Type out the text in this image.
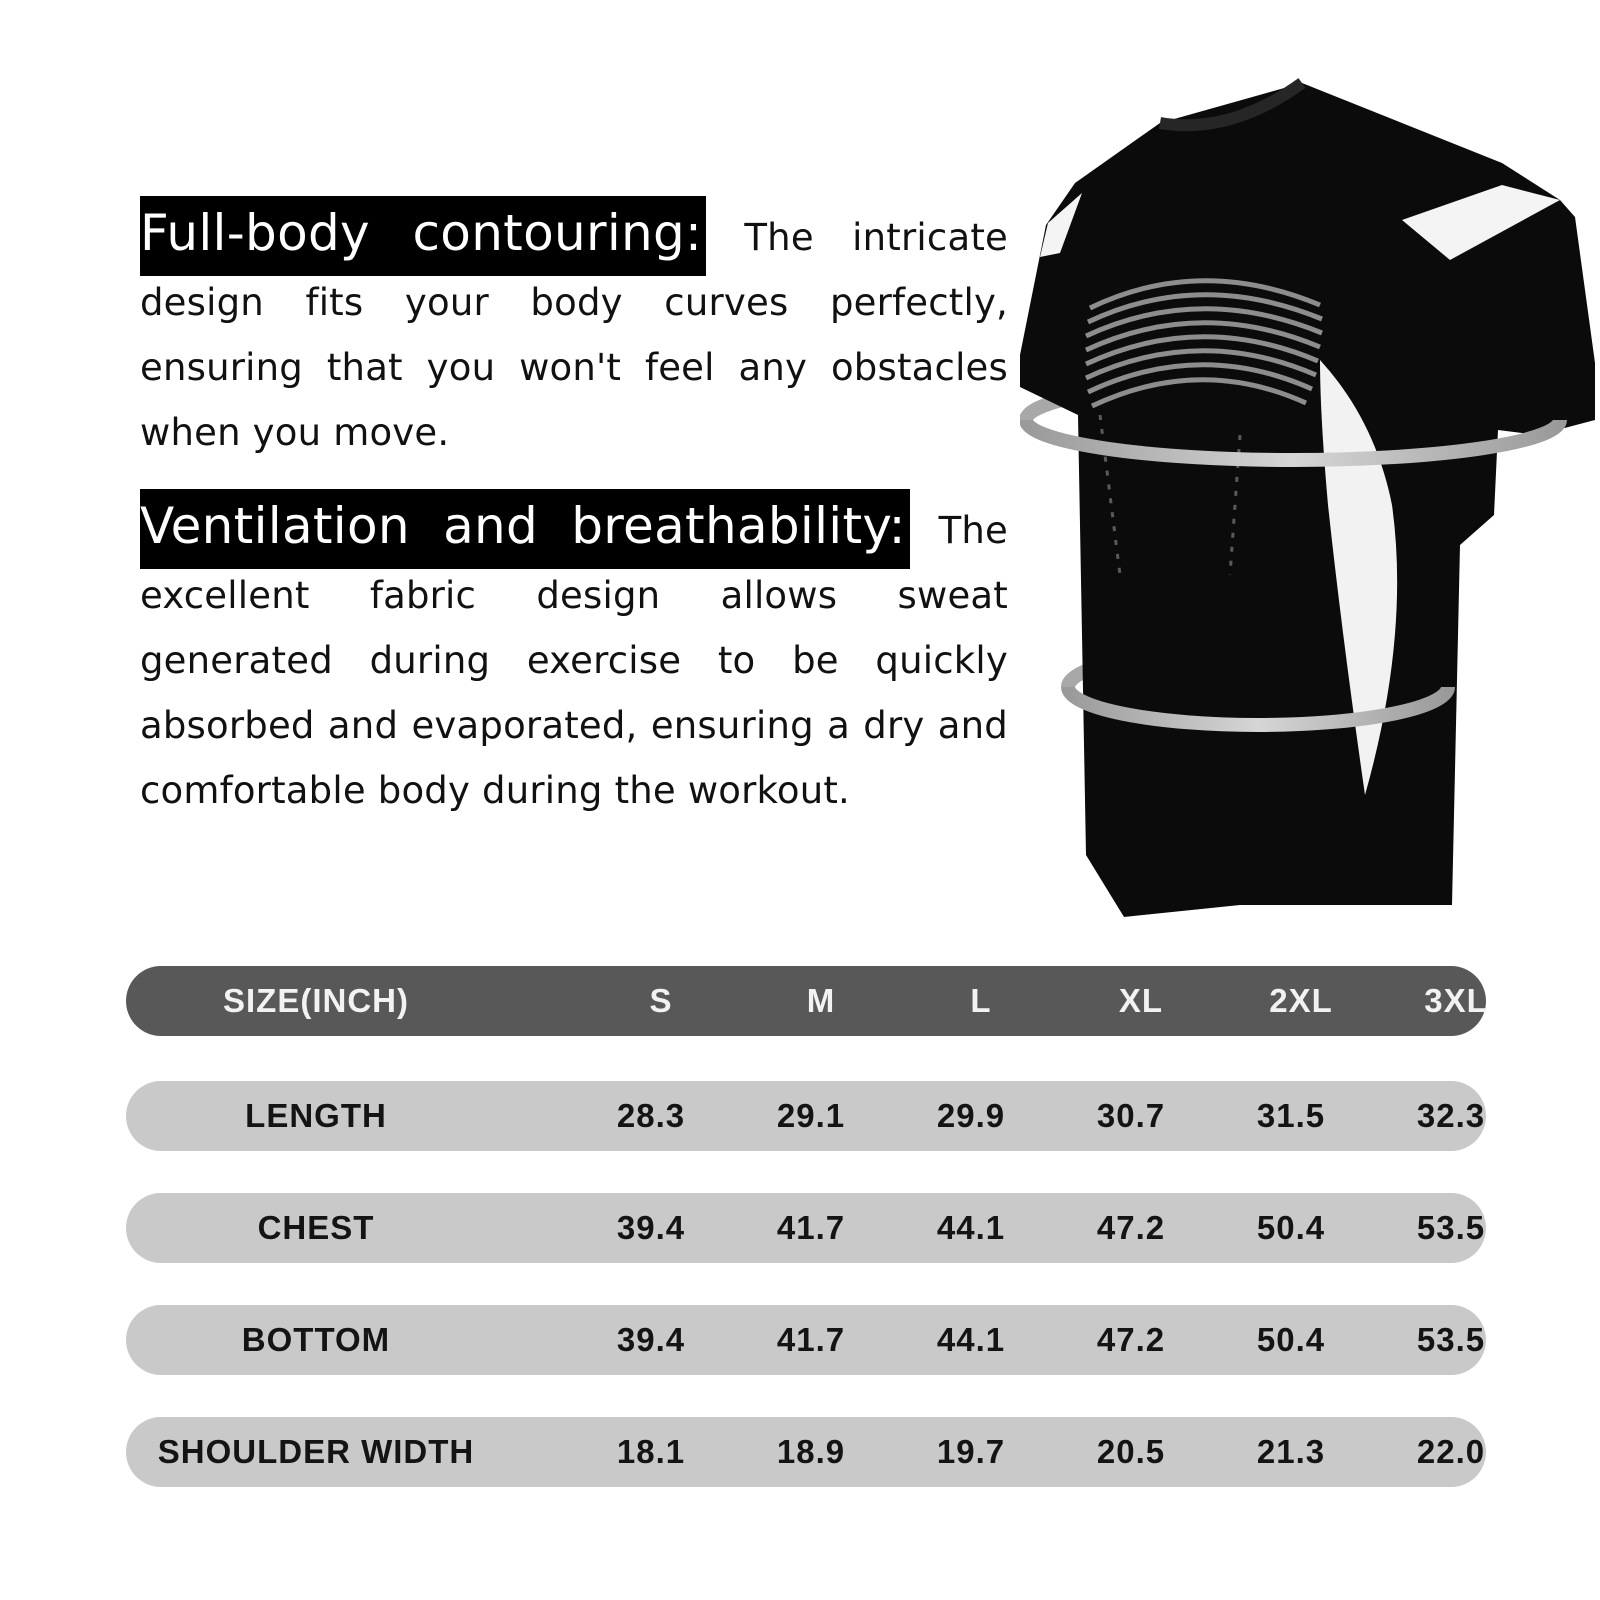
Full-body contouring: The intricate design fits your body curves perfectly, ensuring that you won't feel any obstacles when you move.
Ventilation and breathability: The excellent fabric design allows sweat generated during exercise to be quickly absorbed and evaporated, ensuring a dry and comfortable body during the workout.
SIZE(INCH)	S	M	L	XL	2XL	3XL
LENGTH	28.3	29.1	29.9	30.7	31.5	32.3
CHEST	39.4	41.7	44.1	47.2	50.4	53.5
BOTTOM	39.4	41.7	44.1	47.2	50.4	53.5
SHOULDER WIDTH	18.1	18.9	19.7	20.5	21.3	22.0
